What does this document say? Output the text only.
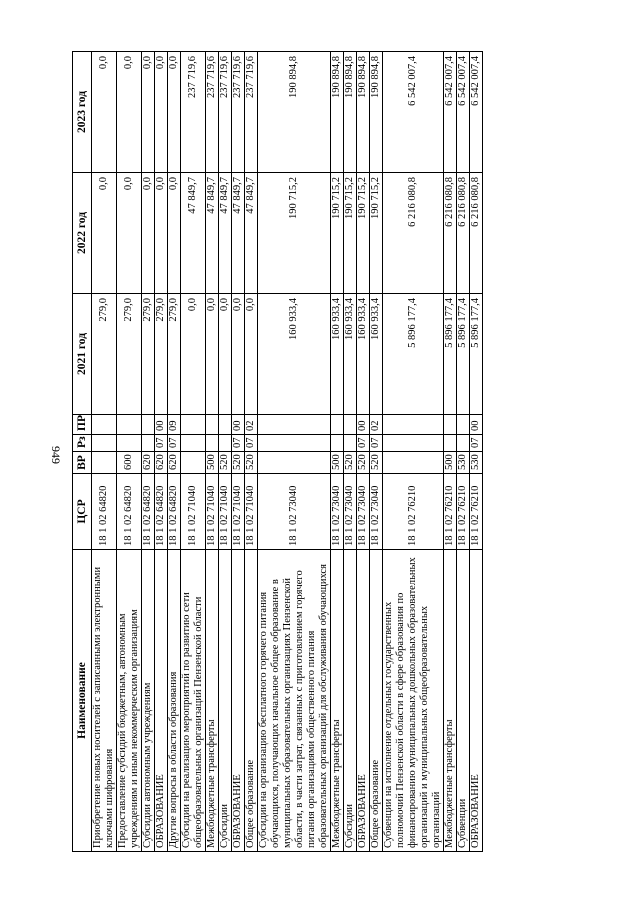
949
Наименование	ЦСР	ВР	Рз	ПР	2021 год	2022 год	2023 год
Приобретение новых носителей с записанными электронными ключами шифрования	18 1 02 64820				279,0	0,0	0,0
Предоставление субсидий бюджетным, автономным учреждениям и иным некоммерческим организациям	18 1 02 64820	600			279,0	0,0	0,0
Субсидии автономным учреждениям	18 1 02 64820	620			279,0	0,0	0,0
ОБРАЗОВАНИЕ	18 1 02 64820	620	07	00	279,0	0,0	0,0
Другие вопросы в области образования	18 1 02 64820	620	07	09	279,0	0,0	0,0
Субсидии на реализацию мероприятий по развитию сети общеобразовательных организаций Пензенской области	18 1 02 71040				0,0	47 849,7	237 719,6
Межбюджетные трансферты	18 1 02 71040	500			0,0	47 849,7	237 719,6
Субсидии	18 1 02 71040	520			0,0	47 849,7	237 719,6
ОБРАЗОВАНИЕ	18 1 02 71040	520	07	00	0,0	47 849,7	237 719,6
Общее образование	18 1 02 71040	520	07	02	0,0	47 849,7	237 719,6
Субсидии на организацию бесплатного горячего питания обучающихся, получающих начальное общее образование в муниципальных образовательных организациях Пензенской области, в части затрат, связанных с приготовлением горячего питания организациями общественного питания образовательных организаций для обслуживания обучающихся	18 1 02 73040				160 933,4	190 715,2	190 894,8
Межбюджетные трансферты	18 1 02 73040	500			160 933,4	190 715,2	190 894,8
Субсидии	18 1 02 73040	520			160 933,4	190 715,2	190 894,8
ОБРАЗОВАНИЕ	18 1 02 73040	520	07	00	160 933,4	190 715,2	190 894,8
Общее образование	18 1 02 73040	520	07	02	160 933,4	190 715,2	190 894,8
Субвенции на исполнение отдельных государственных полномочий Пензенской области в сфере образования по финансированию муниципальных дошкольных образовательных организаций и муниципальных общеобразовательных организаций	18 1 02 76210				5 896 177,4	6 216 080,8	6 542 007,4
Межбюджетные трансферты	18 1 02 76210	500			5 896 177,4	6 216 080,8	6 542 007,4
Субвенции	18 1 02 76210	530			5 896 177,4	6 216 080,8	6 542 007,4
ОБРАЗОВАНИЕ	18 1 02 76210	530	07	00	5 896 177,4	6 216 080,8	6 542 007,4
